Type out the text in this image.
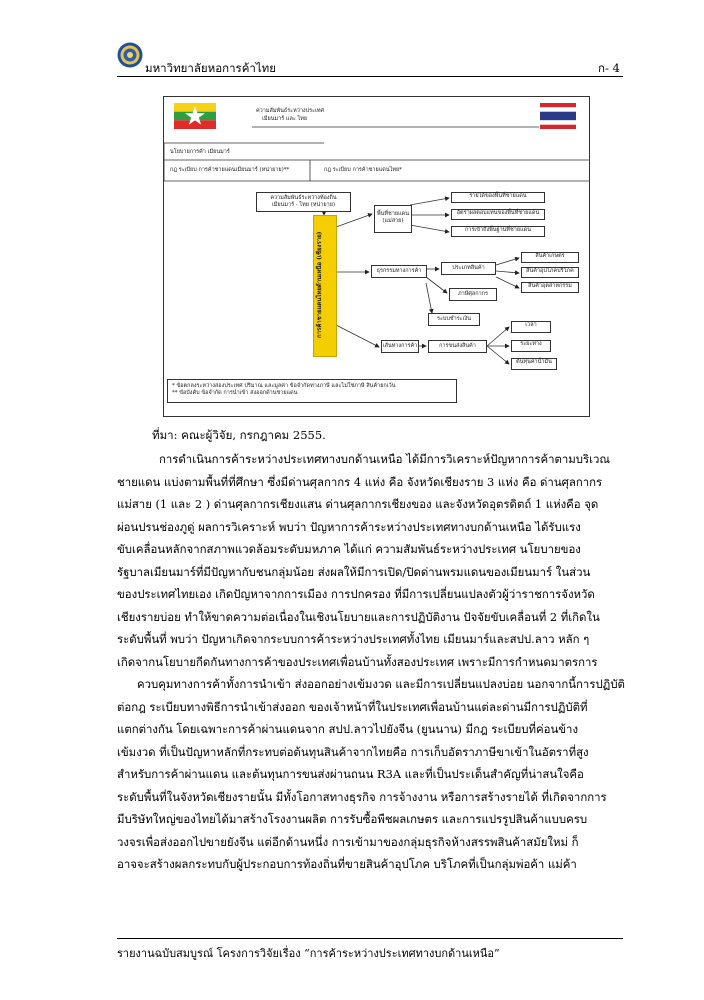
มหาวิทยาลัยหอการค้าไทย	ก- 4
ความสัมพันธ์ระหว่างประเทศ
เมียนมาร์ และ ไทย
นโยบายการค้า เมียนมาร์
กฎ ระเบียบ การค้าชายแดนเมียนมาร์ (หน่ายาย)**	กฎ ระเบียบ การค้าชายแดนไทย*
ความสัมพันธ์ระหว่างท้องถิ่น
เมียนมาร์ - ไทย (หน่ายาย)
การค้าชายแดนไทยด้านเหนือ (เชียงราย)
พื้นที่ชายแดน
(แม่สาย)
รายได้ของพื้นที่ชายแดน
อัตราผลตอบแทนของพื้นที่ชายแดน
การเข้าถึงพื้นฐานที่ชายแดน
ธุรกรรมทางการค้า	ประเภทสินค้า
สินค้าเกษตร
สินค้าอุปโภคบริโภค
สินค้าอุตสาหกรรม
ภาษีศุลกากร
ระบบชำระเงิน
เส้นทางการค้า	การขนส่งสินค้า
เวลา
ระยะทาง
ต้นทุนค่าน้ำมัน
* ข้อตกลงระหว่างสองประเทศ ปริมาณ และมูลค่า ข้อจำกัดทางภาษี และไม่ใช่ภาษี สินค้ายกเว้น
** ข้อบังคับ ข้อจำกัด การนำเข้า ส่งออกด้านชายแดน
ที่มา: คณะผู้วิจัย, กรกฎาคม 2555.
การดำเนินการค้าระหว่างประเทศทางบกด้านเหนือ ได้มีการวิเคราะห์ปัญหาการค้าตามบริเวณ
ชายแดน แบ่งตามพื้นที่ที่ศึกษา ซึ่งมีด่านศุลกากร 4 แห่ง คือ จังหวัดเชียงราย 3 แห่ง คือ ด่านศุลกากร
แม่สาย (1 และ 2 ) ด่านศุลกากรเชียงแสน ด่านศุลกากรเชียงของ และจังหวัดอุตรดิตถ์ 1 แห่งคือ จุด
ผ่อนปรนช่องภูดู่ ผลการวิเคราะห์ พบว่า ปัญหาการค้าระหว่างประเทศทางบกด้านเหนือ ได้รับแรง
ขับเคลื่อนหลักจากสภาพแวดล้อมระดับมหภาค ได้แก่ ความสัมพันธ์ระหว่างประเทศ นโยบายของ
รัฐบาลเมียนมาร์ที่มีปัญหากับชนกลุ่มน้อย ส่งผลให้มีการเปิด/ปิดด่านพรมแดนของเมียนมาร์ ในส่วน
ของประเทศไทยเอง เกิดปัญหาจากการเมือง การปกครอง ที่มีการเปลี่ยนแปลงตัวผู้ว่าราชการจังหวัด
เชียงรายบ่อย ทำให้ขาดความต่อเนื่องในเชิงนโยบายและการปฏิบัติงาน ปัจจัยขับเคลื่อนที่ 2 ที่เกิดใน
ระดับพื้นที่ พบว่า ปัญหาเกิดจากระบบการค้าระหว่างประเทศทั้งไทย เมียนมาร์และสปป.ลาว หลัก ๆ
เกิดจากนโยบายกีดกันทางการค้าของประเทศเพื่อนบ้านทั้งสองประเทศ เพราะมีการกำหนดมาตรการ
ควบคุมทางการค้าทั้งการนำเข้า ส่งออกอย่างเข้มงวด และมีการเปลี่ยนแปลงบ่อย นอกจากนี้การปฏิบัติ
ต่อกฎ ระเบียบทางพิธีการนำเข้าส่งออก ของเจ้าหน้าที่ในประเทศเพื่อนบ้านแต่ละด่านมีการปฏิบัติที่
แตกต่างกัน โดยเฉพาะการค้าผ่านแดนจาก สปป.ลาวไปยังจีน (ยูนนาน) มีกฎ ระเบียบที่ค่อนข้าง
เข้มงวด ที่เป็นปัญหาหลักที่กระทบต่อต้นทุนสินค้าจากไทยคือ การเก็บอัตราภาษีขาเข้าในอัตราที่สูง
สำหรับการค้าผ่านแดน และต้นทุนการขนส่งผ่านถนน R3A และที่เป็นประเด็นสำคัญที่น่าสนใจคือ
ระดับพื้นที่ในจังหวัดเชียงรายนั้น มีทั้งโอกาสทางธุรกิจ การจ้างงาน หรือการสร้างรายได้ ที่เกิดจากการ
มีบริษัทใหญ่ของไทยได้มาสร้างโรงงานผลิต การรับซื้อพืชผลเกษตร และการแปรรูปสินค้าแบบครบ
วงจรเพื่อส่งออกไปขายยังจีน แต่อีกด้านหนึ่ง การเข้ามาของกลุ่มธุรกิจห้างสรรพสินค้าสมัยใหม่ ก็
อาจจะสร้างผลกระทบกับผู้ประกอบการท้องถิ่นที่ขายสินค้าอุปโภค บริโภคที่เป็นกลุ่มพ่อค้า แม่ค้า
รายงานฉบับสมบูรณ์ โครงการวิจัยเรื่อง “การค้าระหว่างประเทศทางบกด้านเหนือ”
